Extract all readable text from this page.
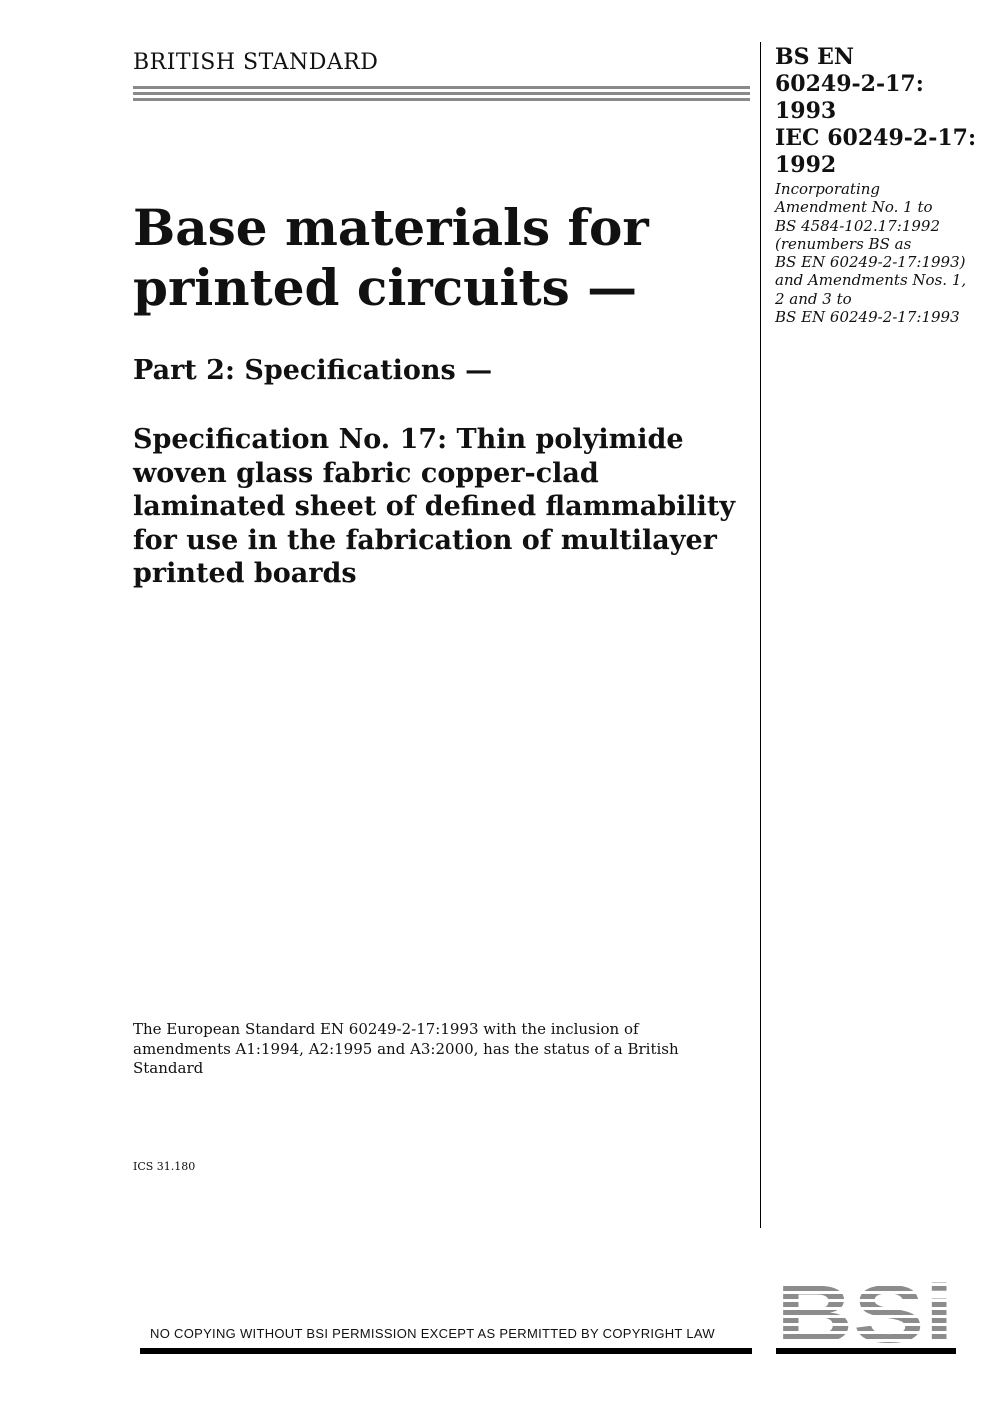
BRITISH STANDARD	BS EN
60249-2-17:
1993
IEC 60249-2-17:
1992
Incorporating
Amendment No. 1 to
BS 4584-102.17:1992
(renumbers BS as
BS EN 60249-2-17:1993)
and Amendments Nos. 1,
2 and 3 to
BS EN 60249-2-17:1993
Base materials for
printed circuits —
Part 2: Specifications —
Specification No. 17: Thin polyimide
woven glass fabric copper-clad
laminated sheet of defined flammability
for use in the fabrication of multilayer
printed boards
The European Standard EN 60249-2-17:1993 with the inclusion of
amendments A1:1994, A2:1995 and A3:2000, has the status of a British
Standard
ICS 31.180
NO COPYING WITHOUT BSI PERMISSION EXCEPT AS PERMITTED BY COPYRIGHT LAW
